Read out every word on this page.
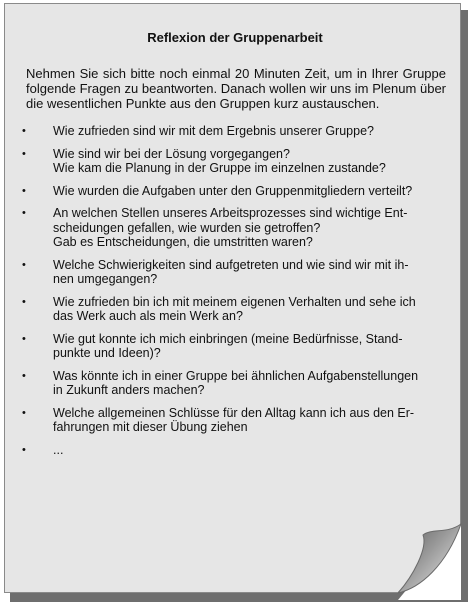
Reflexion der Gruppenarbeit
Nehmen Sie sich bitte noch einmal 20 Minuten Zeit, um in Ihrer Gruppe folgende Fragen zu beantworten. Danach wollen wir uns im Plenum über die wesentlichen Punkte aus den Gruppen kurz austauschen.
•	Wie zufrieden sind wir mit dem Ergebnis unserer Gruppe?
•	Wie sind wir bei der Lösung vorgegangen?
Wie kam die Planung in der Gruppe im einzelnen zustande?
•	Wie wurden die Aufgaben unter den Gruppenmitgliedern verteilt?
•	An welchen Stellen unseres Arbeitsprozesses sind wichtige Ent-
scheidungen gefallen, wie wurden sie getroffen?
Gab es Entscheidungen, die umstritten waren?
•	Welche Schwierigkeiten sind aufgetreten und wie sind wir mit ih-
nen umgegangen?
•	Wie zufrieden bin ich mit meinem eigenen Verhalten und sehe ich
das Werk auch als mein Werk an?
•	Wie gut konnte ich mich einbringen (meine Bedürfnisse, Stand-
punkte und Ideen)?
•	Was könnte ich in einer Gruppe bei ähnlichen Aufgabenstellungen
in Zukunft anders machen?
•	Welche allgemeinen Schlüsse für den Alltag kann ich aus den Er-
fahrungen mit dieser Übung ziehen
•	...
